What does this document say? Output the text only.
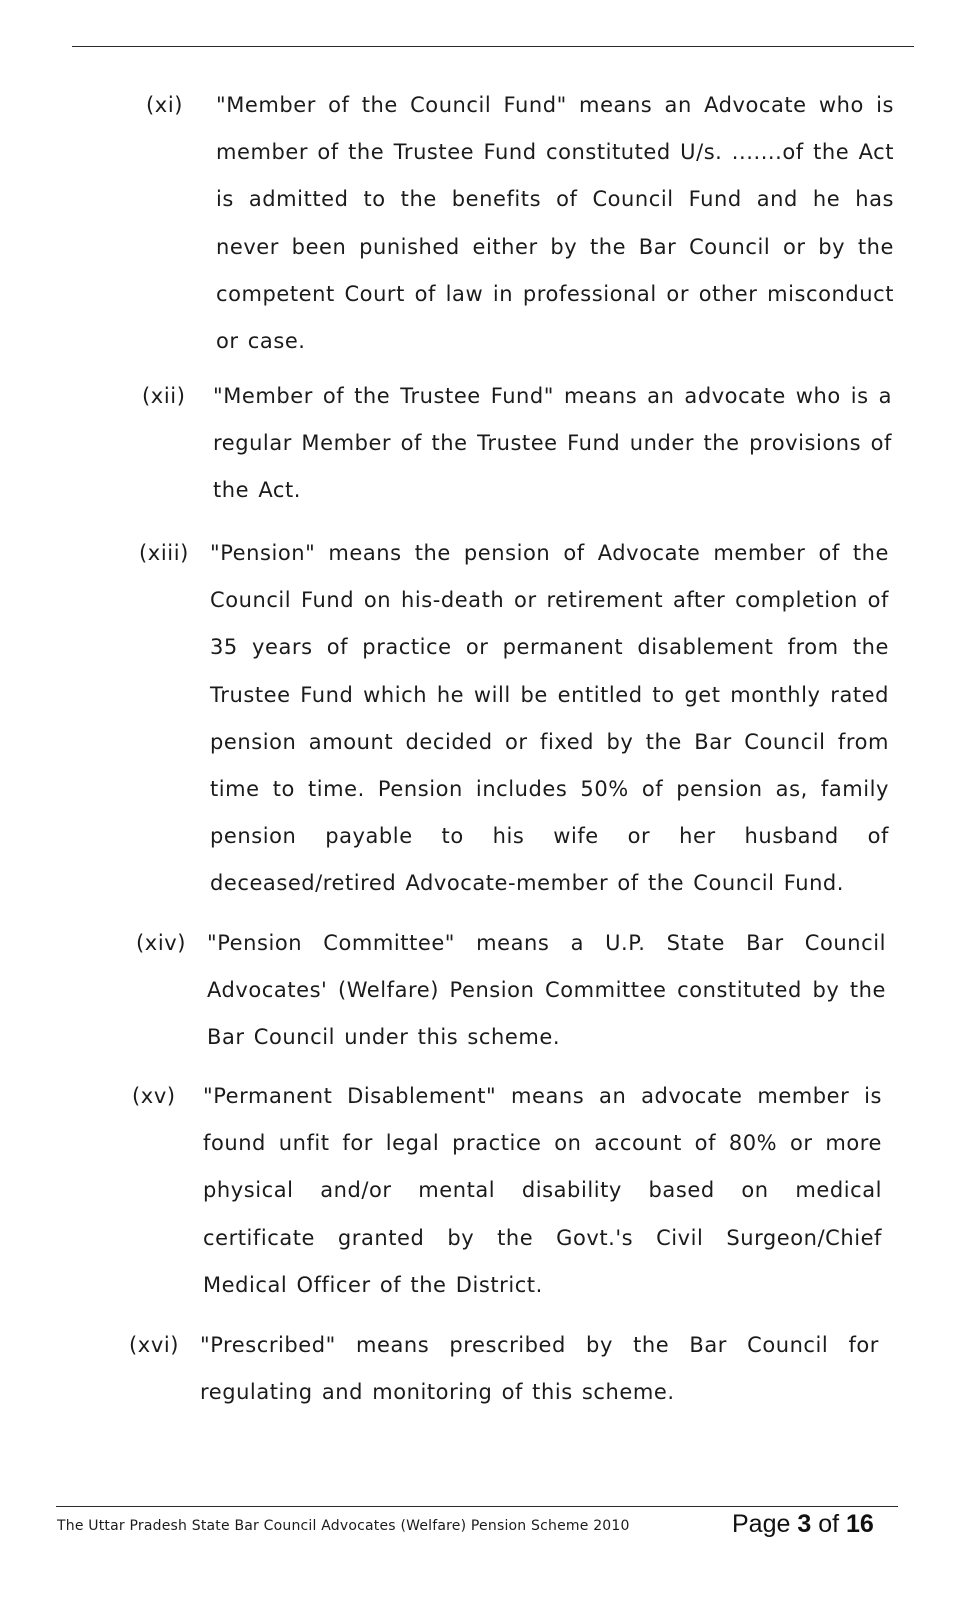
(xi) "Member of the Council Fund" means an Advocate who is member of the Trustee Fund constituted U/s. .......of the Act is admitted to the benefits of Council Fund and he has never been punished either by the Bar Council or by the competent Court of law in professional or other misconduct or case.
(xii) "Member of the Trustee Fund" means an advocate who is a regular Member of the Trustee Fund under the provisions of the Act.
(xiii) "Pension" means the pension of Advocate member of the Council Fund on his-death or retirement after completion of 35 years of practice or permanent disablement from the Trustee Fund which he will be entitled to get monthly rated pension amount decided or fixed by the Bar Council from time to time. Pension includes 50% of pension as, family pension payable to his wife or her husband of deceased/retired Advocate-member of the Council Fund.
(xiv) "Pension Committee" means a U.P. State Bar Council Advocates' (Welfare) Pension Committee constituted by the Bar Council under this scheme.
(xv) "Permanent Disablement" means an advocate member is found unfit for legal practice on account of 80% or more physical and/or mental disability based on medical certificate granted by the Govt.'s Civil Surgeon/Chief Medical Officer of the District.
(xvi) "Prescribed" means prescribed by the Bar Council for regulating and monitoring of this scheme.
The Uttar Pradesh State Bar Council Advocates (Welfare) Pension Scheme 2010	Page 3 of 16
